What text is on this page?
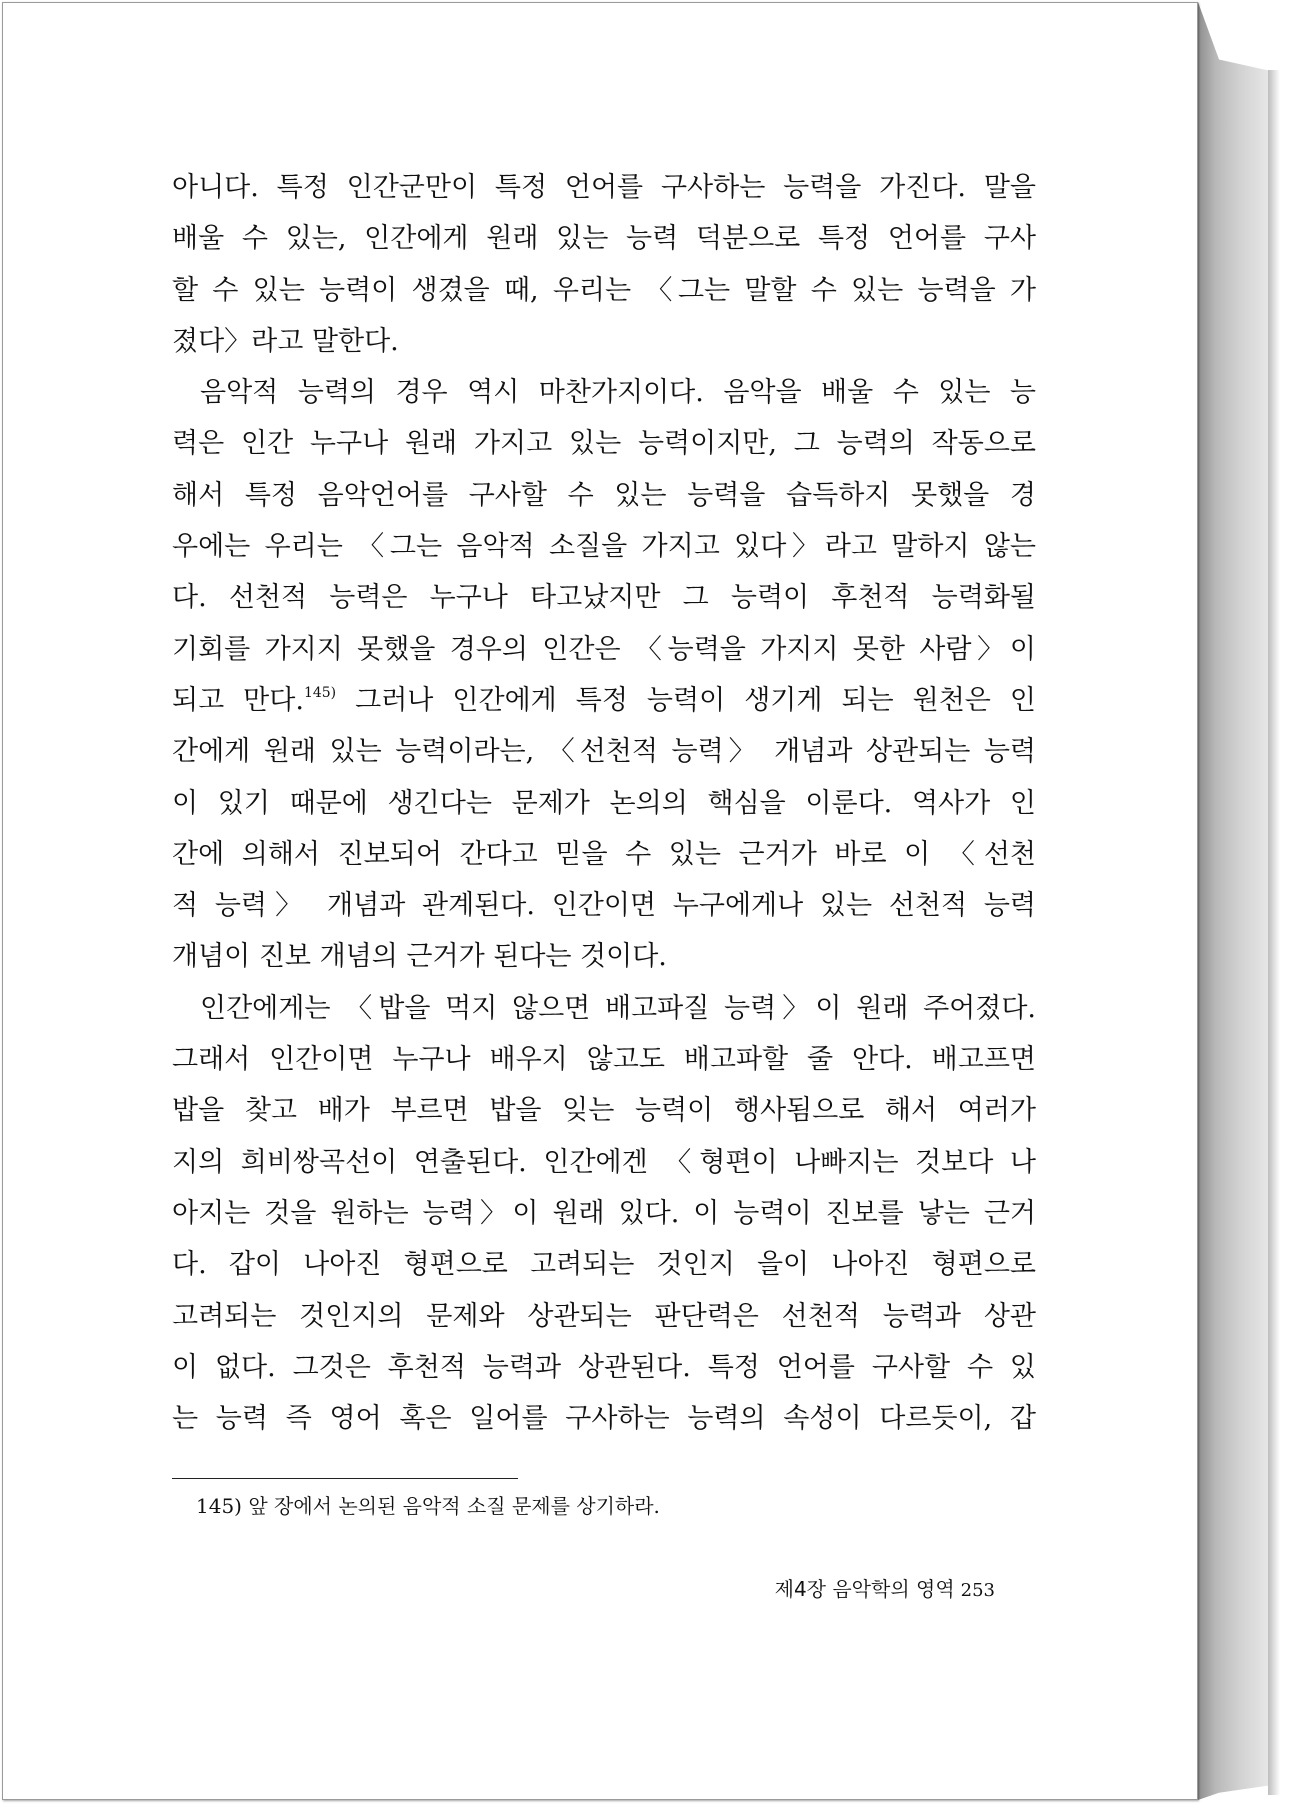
아니다. 특정 인간군만이 특정 언어를 구사하는 능력을 가진다. 말을
배울 수 있는, 인간에게 원래 있는 능력 덕분으로 특정 언어를 구사
할 수 있는 능력이 생겼을 때, 우리는 〈그는 말할 수 있는 능력을 가
졌다〉라고 말한다.
음악적 능력의 경우 역시 마찬가지이다. 음악을 배울 수 있는 능
력은 인간 누구나 원래 가지고 있는 능력이지만, 그 능력의 작동으로
해서 특정 음악언어를 구사할 수 있는 능력을 습득하지 못했을 경
우에는 우리는 〈그는 음악적 소질을 가지고 있다〉라고 말하지 않는
다. 선천적 능력은 누구나 타고났지만 그 능력이 후천적 능력화될
기회를 가지지 못했을 경우의 인간은 〈능력을 가지지 못한 사람〉이
되고 만다.$^{145)}$ 그러나 인간에게 특정 능력이 생기게 되는 원천은 인
간에게 원래 있는 능력이라는, 〈선천적 능력〉 개념과 상관되는 능력
이 있기 때문에 생긴다는 문제가 논의의 핵심을 이룬다. 역사가 인
간에 의해서 진보되어 간다고 믿을 수 있는 근거가 바로 이 〈선천
적 능력〉 개념과 관계된다. 인간이면 누구에게나 있는 선천적 능력
개념이 진보 개념의 근거가 된다는 것이다.
인간에게는 〈밥을 먹지 않으면 배고파질 능력〉이 원래 주어졌다.
그래서 인간이면 누구나 배우지 않고도 배고파할 줄 안다. 배고프면
밥을 찾고 배가 부르면 밥을 잊는 능력이 행사됨으로 해서 여러가
지의 희비쌍곡선이 연출된다. 인간에겐 〈형편이 나빠지는 것보다 나
아지는 것을 원하는 능력〉이 원래 있다. 이 능력이 진보를 낳는 근거
다. 갑이 나아진 형편으로 고려되는 것인지 을이 나아진 형편으로
고려되는 것인지의 문제와 상관되는 판단력은 선천적 능력과 상관
이 없다. 그것은 후천적 능력과 상관된다. 특정 언어를 구사할 수 있
는 능력 즉 영어 혹은 일어를 구사하는 능력의 속성이 다르듯이, 갑
145) 앞 장에서 논의된 음악적 소질 문제를 상기하라.
제4장 음악학의 영역 253
